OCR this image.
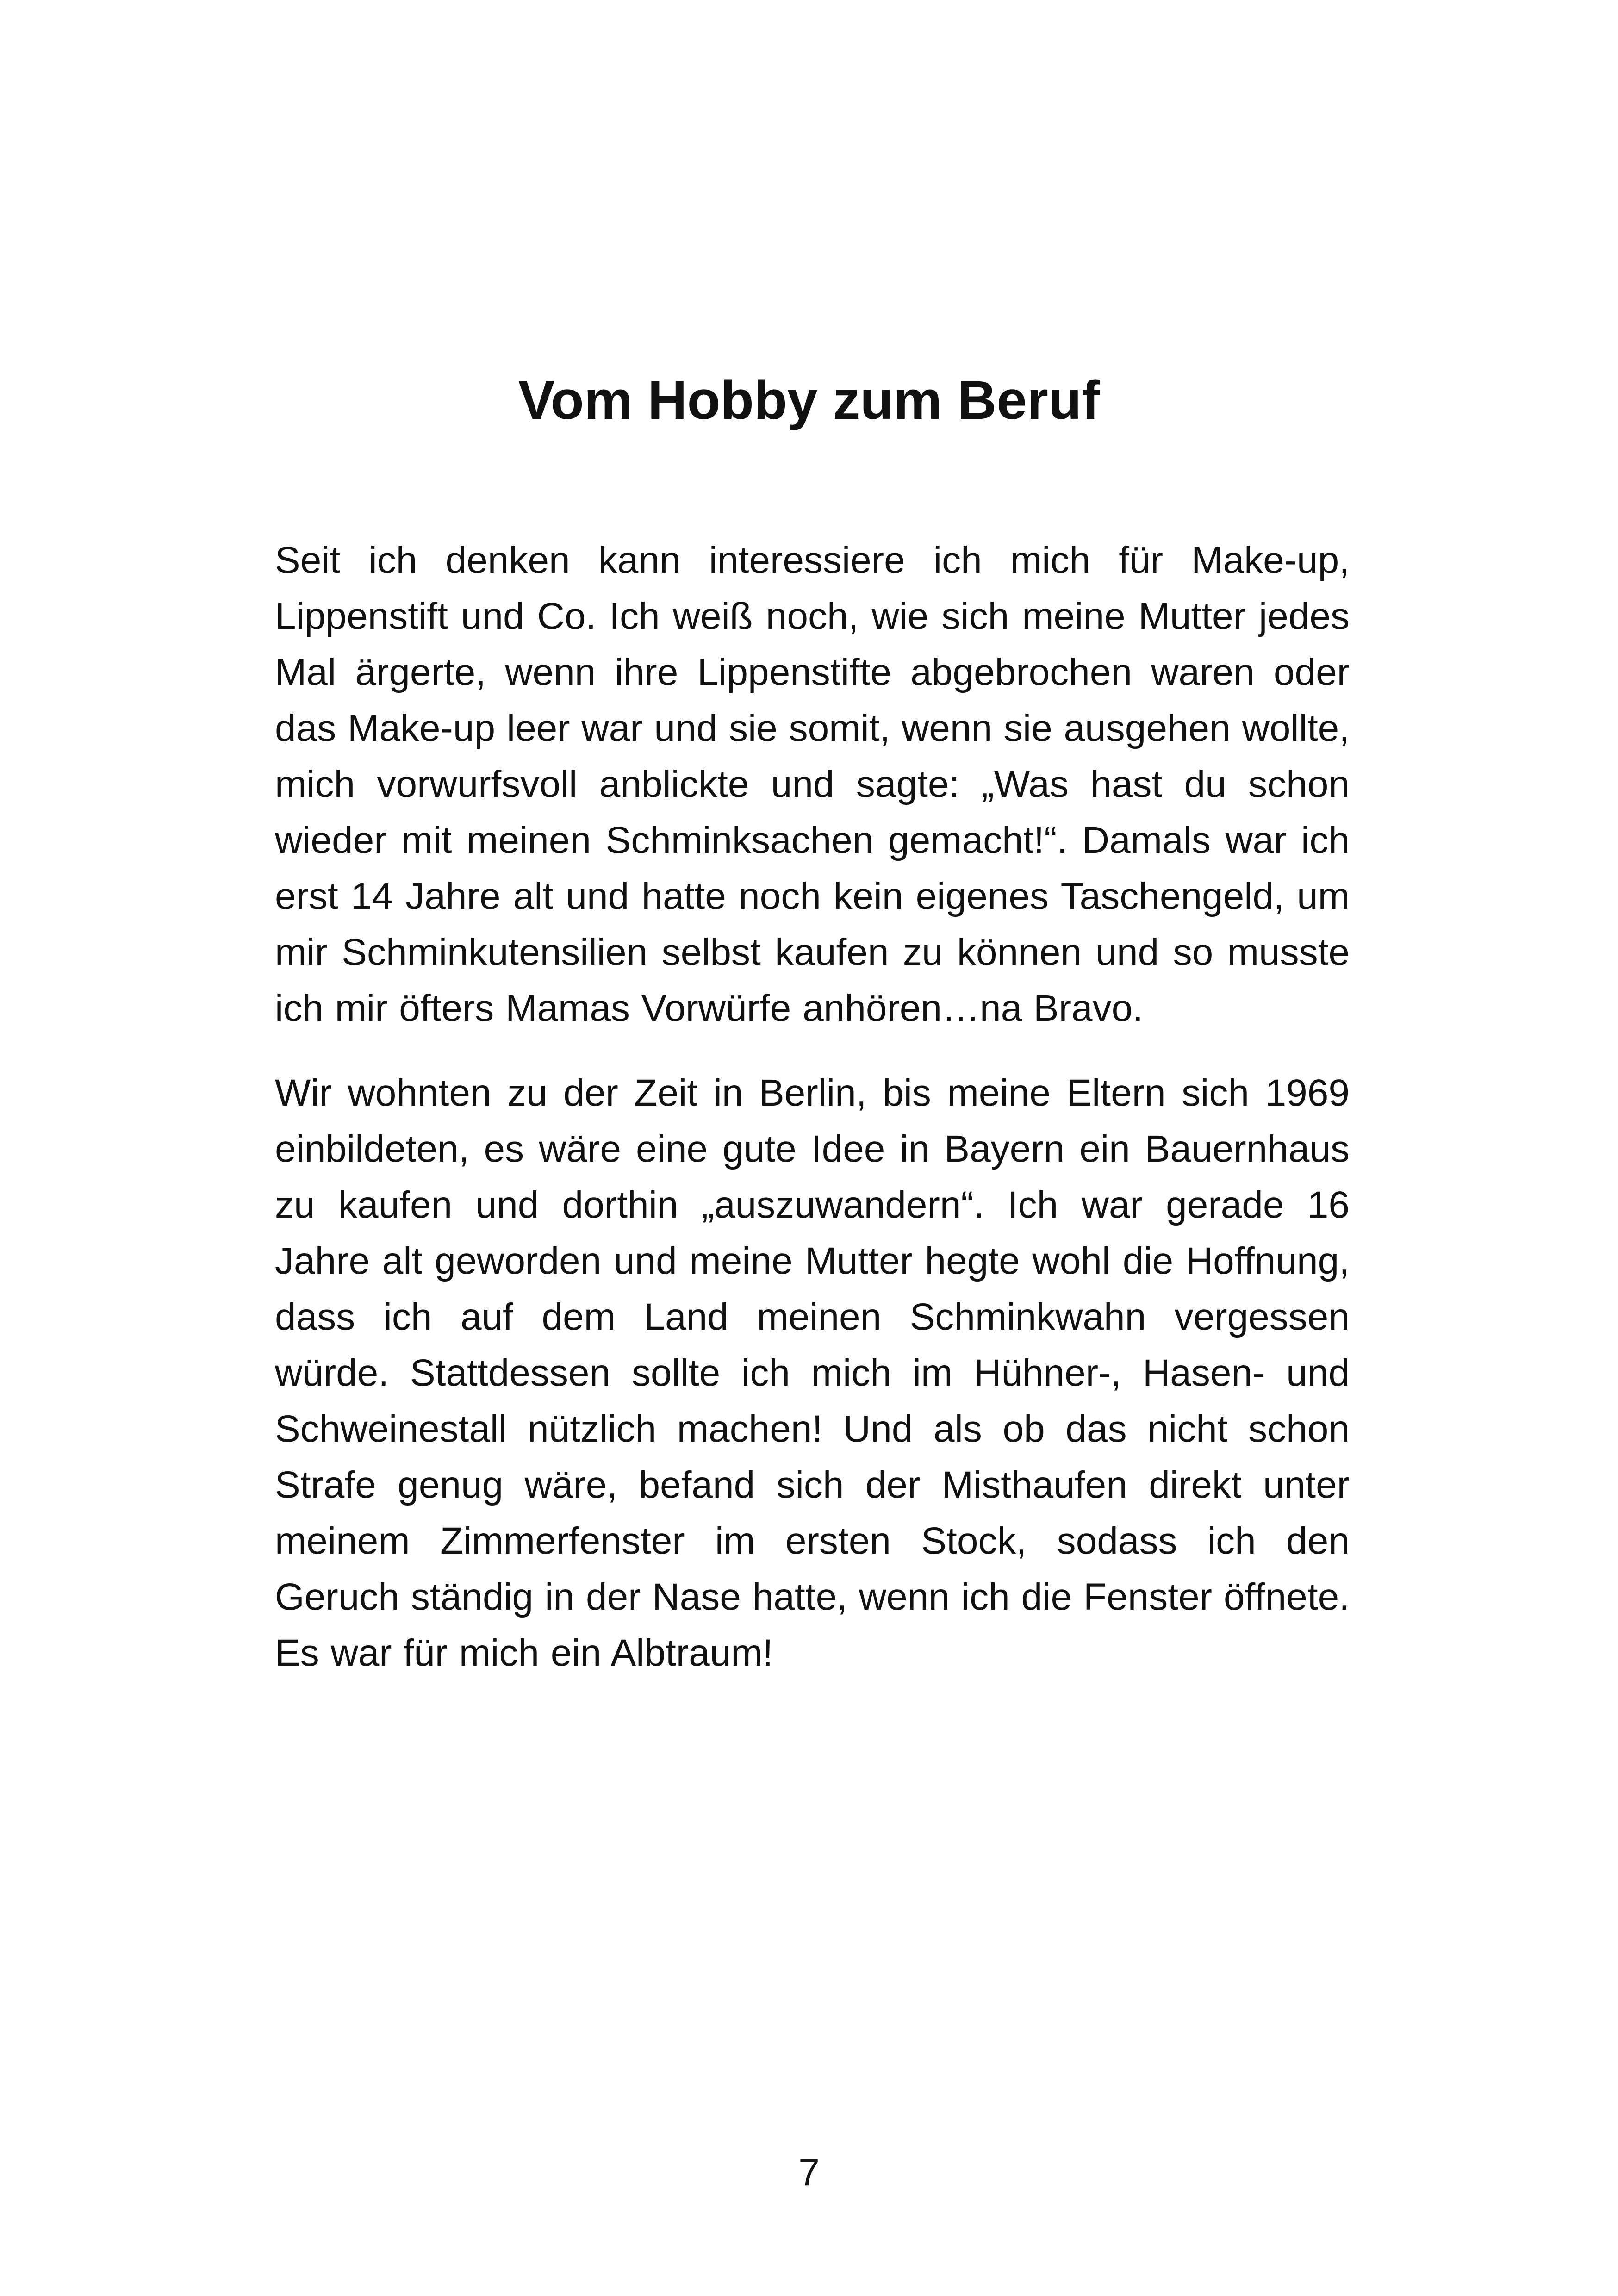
Vom Hobby zum Beruf

Seit ich denken kann interessiere ich mich für Make-up, Lippenstift und Co. Ich weiß noch, wie sich meine Mutter jedes Mal ärgerte, wenn ihre Lippenstifte abgebrochen waren oder das Make-up leer war und sie somit, wenn sie ausgehen wollte, mich vorwurfsvoll anblickte und sagte: „Was hast du schon wieder mit meinen Schminksachen gemacht!“. Damals war ich erst 14 Jahre alt und hatte noch kein eigenes Taschengeld, um mir Schminkutensilien selbst kaufen zu können und so musste ich mir öfters Mamas Vorwürfe anhören…na Bravo.

Wir wohnten zu der Zeit in Berlin, bis meine Eltern sich 1969 einbildeten, es wäre eine gute Idee in Bayern ein Bauernhaus zu kaufen und dorthin „auszuwandern“. Ich war gerade 16 Jahre alt geworden und meine Mutter hegte wohl die Hoffnung, dass ich auf dem Land meinen Schminkwahn vergessen würde. Stattdessen sollte ich mich im Hühner-, Hasen- und Schweinestall nützlich machen! Und als ob das nicht schon Strafe genug wäre, befand sich der Misthaufen direkt unter meinem Zimmerfenster im ersten Stock, sodass ich den Geruch ständig in der Nase hatte, wenn ich die Fenster öffnete. Es war für mich ein Albtraum!

7
